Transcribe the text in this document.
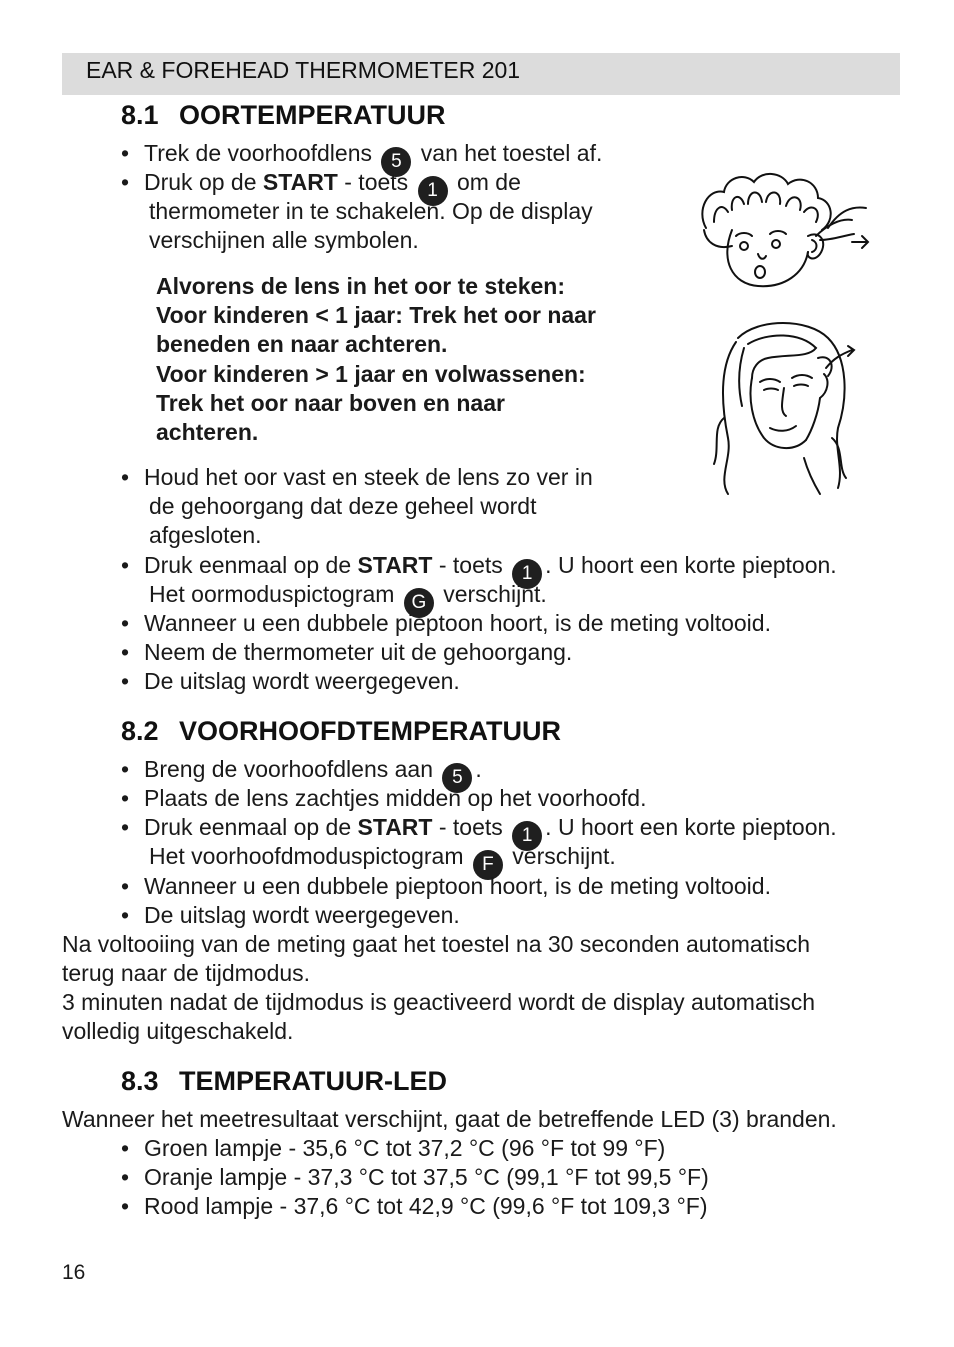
EAR & FOREHEAD THERMOMETER 201
8.1 OORTEMPERATUUR
• Trek de voorhoofdlens 5 van het toestel af.
• Druk op de START - toets 1 om de
thermometer in te schakelen. Op de display
verschijnen alle symbolen.
Alvorens de lens in het oor te steken:
Voor kinderen < 1 jaar: Trek het oor naar
beneden en naar achteren.
Voor kinderen > 1 jaar en volwassenen:
Trek het oor naar boven en naar
achteren.
• Houd het oor vast en steek de lens zo ver in
de gehoorgang dat deze geheel wordt
afgesloten.
• Druk eenmaal op de START - toets 1 . U hoort een korte pieptoon.
Het oormoduspictogram G verschijnt.
• Wanneer u een dubbele pieptoon hoort, is de meting voltooid.
• Neem de thermometer uit de gehoorgang.
• De uitslag wordt weergegeven.
8.2 VOORHOOFDTEMPERATUUR
• Breng de voorhoofdlens aan 5 .
• Plaats de lens zachtjes midden op het voorhoofd.
• Druk eenmaal op de START - toets 1 . U hoort een korte pieptoon.
Het voorhoofdmoduspictogram F verschijnt.
• Wanneer u een dubbele pieptoon hoort, is de meting voltooid.
• De uitslag wordt weergegeven.
Na voltooiing van de meting gaat het toestel na 30 seconden automatisch
terug naar de tijdmodus.
3 minuten nadat de tijdmodus is geactiveerd wordt de display automatisch
volledig uitgeschakeld.
8.3 TEMPERATUUR-LED
Wanneer het meetresultaat verschijnt, gaat de betreffende LED (3) branden.
• Groen lampje - 35,6 °C tot 37,2 °C (96 °F tot 99 °F)
• Oranje lampje - 37,3 °C tot 37,5 °C (99,1 °F tot 99,5 °F)
• Rood lampje - 37,6 °C tot 42,9 °C (99,6 °F tot 109,3 °F)
16
